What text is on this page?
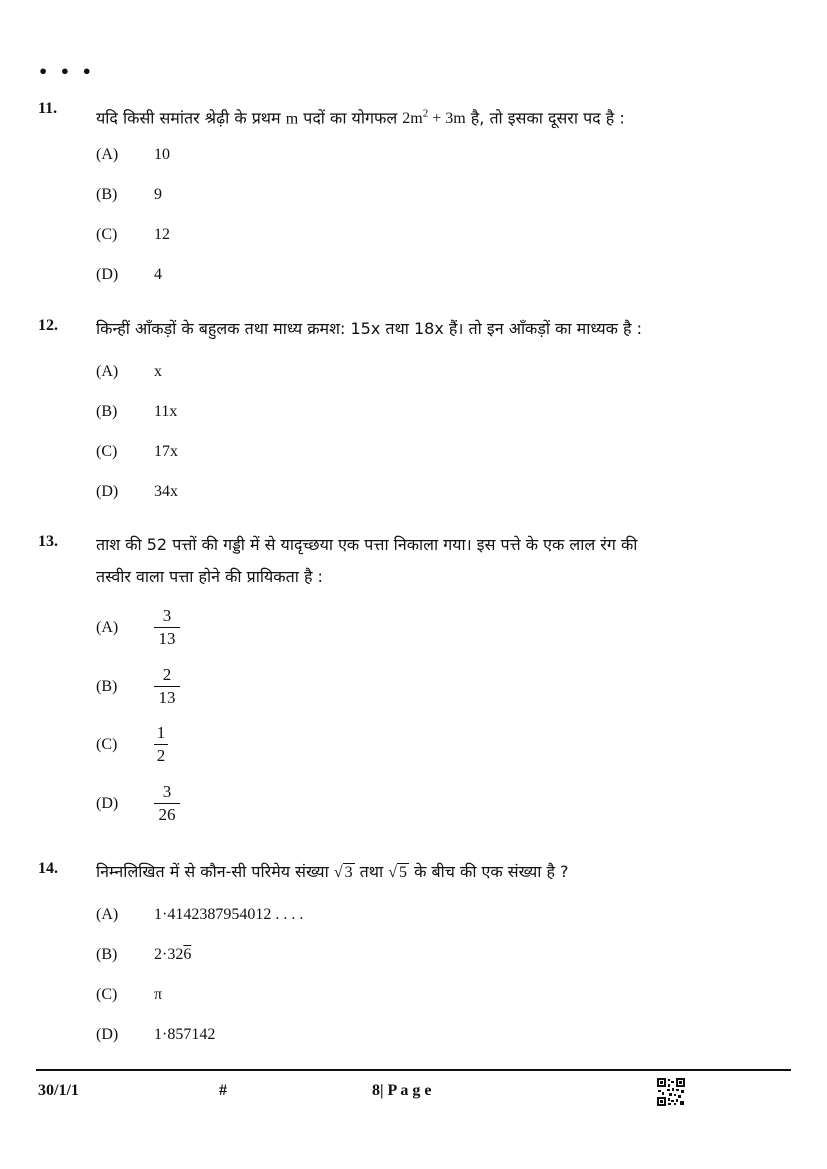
• • •
11. यदि किसी समांतर श्रेढ़ी के प्रथम m पदों का योगफल $2m^2 + 3m$ है, तो इसका दूसरा पद है :
(A) 10
(B) 9
(C) 12
(D) 4
12. किन्हीं आँकड़ों के बहुलक तथा माध्य क्रमश: 15x तथा 18x हैं। तो इन आँकड़ों का माध्यक है :
(A) x
(B) 11x
(C) 17x
(D) 34x
13. ताश की 52 पत्तों की गड्डी में से यादृच्छया एक पत्ता निकाला गया। इस पत्ते के एक लाल रंग की
तस्वीर वाला पत्ता होने की प्रायिकता है :
$(A) \frac{3}{13}$
$(B) \frac{2}{13}$
$(C) \frac{1}{2}$
$(D) \frac{3}{26}$
14. निम्नलिखित में से कौन-सी परिमेय संख्या √ 3 तथा √ 5 के बीच की एक संख्या है ?
(A) 1·4142387954012 . . . .
(B) 2·326
(C) π
(D) 1·857142
30/1/1	#	8| P a g e
